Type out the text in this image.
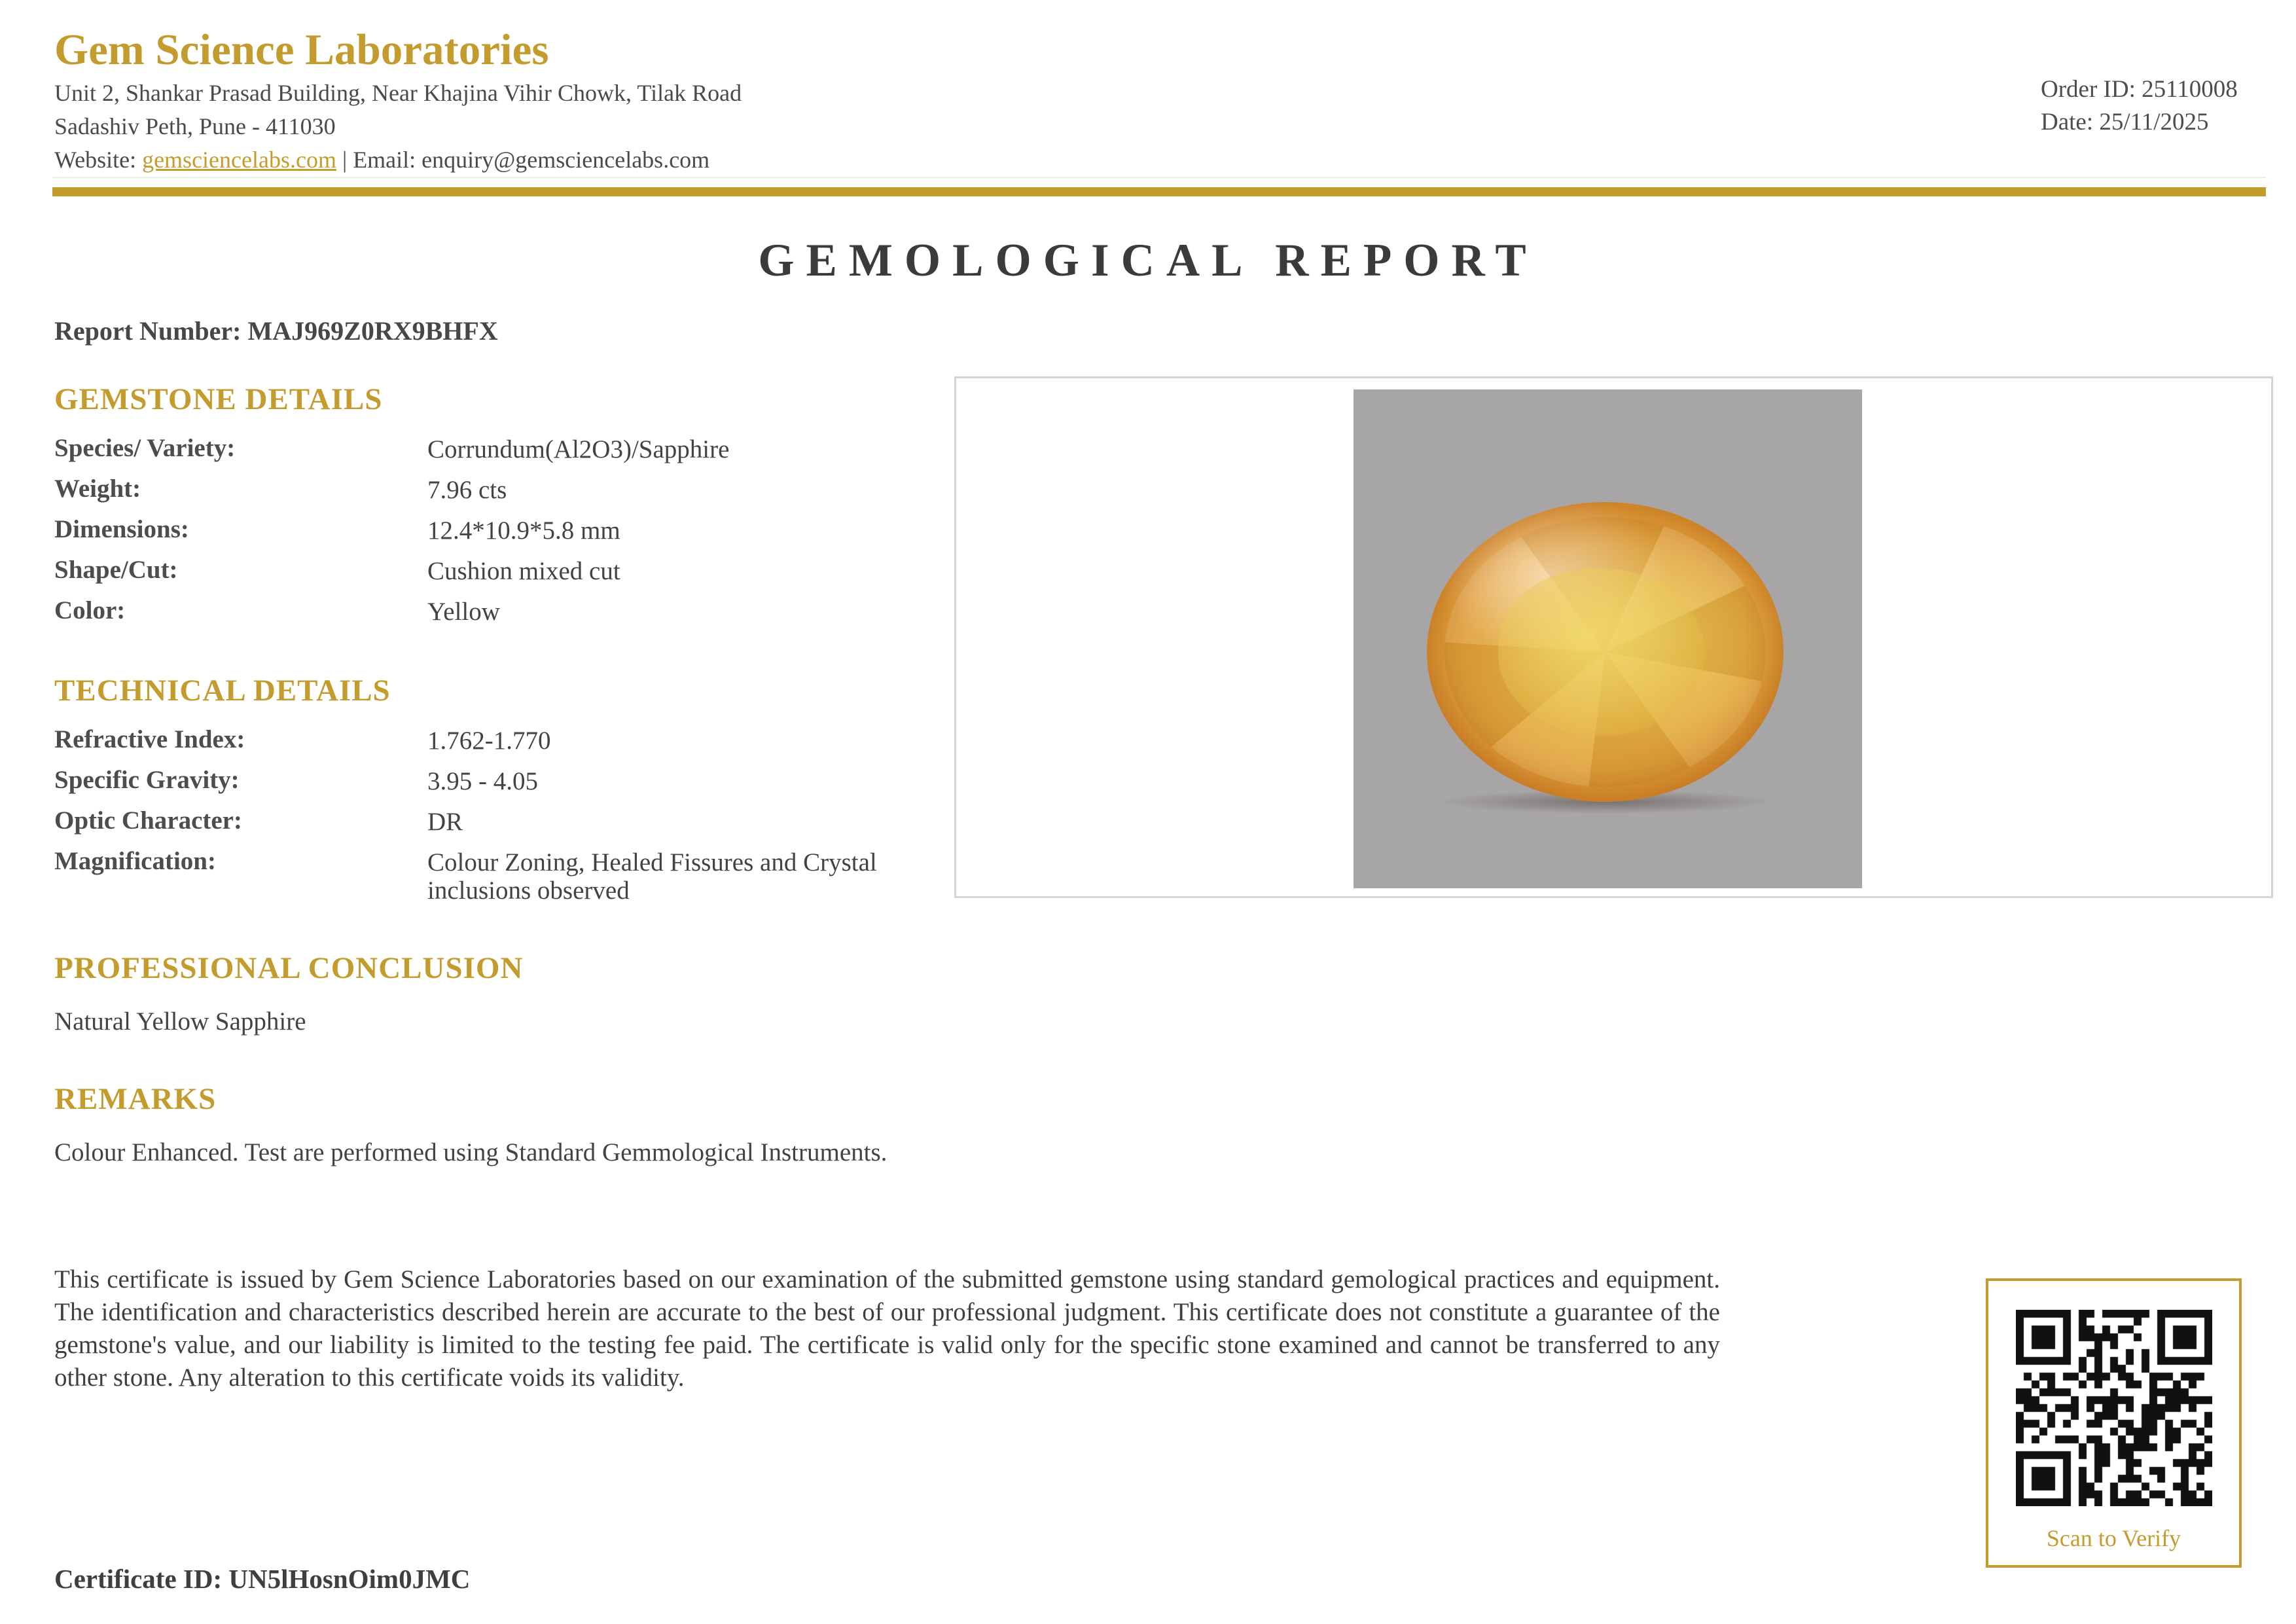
Gem Science Laboratories
Unit 2, Shankar Prasad Building, Near Khajina Vihir Chowk, Tilak Road
Sadashiv Peth, Pune - 411030
Website: gemsciencelabs.com | Email: enquiry@gemsciencelabs.com
Order ID: 25110008
Date: 25/11/2025
GEMOLOGICAL REPORT
Report Number: MAJ969Z0RX9BHFX
GEMSTONE DETAILS
Species/ Variety:	Corrundum(Al2O3)/Sapphire
Weight:	7.96 cts
Dimensions:	12.4*10.9*5.8 mm
Shape/Cut:	Cushion mixed cut
Color:	Yellow
TECHNICAL DETAILS
Refractive Index:	1.762-1.770
Specific Gravity:	3.95 - 4.05
Optic Character:	DR
Magnification:	Colour Zoning, Healed Fissures and Crystal inclusions observed
PROFESSIONAL CONCLUSION
Natural Yellow Sapphire
REMARKS
Colour Enhanced. Test are performed using Standard Gemmological Instruments.
This certificate is issued by Gem Science Laboratories based on our examination of the submitted gemstone using standard gemological practices and equipment. The identification and characteristics described herein are accurate to the best of our professional judgment. This certificate does not constitute a guarantee of the gemstone's value, and our liability is limited to the testing fee paid. The certificate is valid only for the specific stone examined and cannot be transferred to any other stone. Any alteration to this certificate voids its validity.
Scan to Verify
Certificate ID: UN5lHosnOim0JMC
